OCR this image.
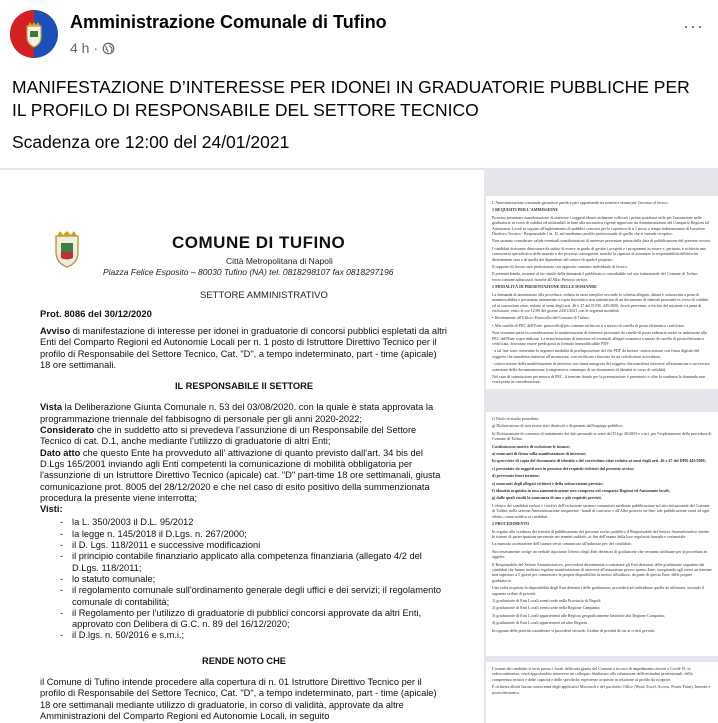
Amministrazione Comunale di Tufino
4 h ·
···
MANIFESTAZIONE D’INTERESSE PER IDONEI IN GRADUATORIE PUBBLICHE PER IL PROFILO DI RESPONSABILE DEL SETTORE TECNICO
Scadenza ore 12:00 del 24/01/2021
COMUNE DI TUFINO
Città Metropolitana di Napoli
Piazza Felice Esposito – 80030 Tufino (NA) tel. 0818298107 fax 0818297196
SETTORE AMMINISTRATIVO
Prot. 8086 del 30/12/2020

Avviso di manifestazione di interesse per idonei in graduatorie di concorsi pubblici espletati da altri Enti del Comparto Regioni ed Autonomie Locali per n. 1 posto di Istruttore Direttivo Tecnico per il profilo di Responsabile del Settore Tecnico, Cat. "D", a tempo indeterminato, part - time (apicale) 18 ore settimanali.

IL RESPONSABILE II SETTORE

Vista la Deliberazione Giunta Comunale n. 53 del 03/08/2020. con la quale è stata approvata la programmazione triennale del fabbisogno di personale per gli anni 2020-2022;

Considerato che in suddetto atto si prevedeva l’assunzione di un Responsabile del Settore Tecnico di cat. D.1, anche mediante l’utilizzo di graduatorie di altri Enti;

Dato atto che questo Ente ha provveduto all' attivazione di quanto previsto dall'art. 34 bis del D.Lgs 165/2001 inviando agli Enti competenti la comunicazione di mobilità obbligatoria per l'assunzione di un Istruttore Direttivo Tecnico (apicale) cat. "D" part-time 18 ore settimanali, giusta comunicazione prot. 8005 del 28/12/2020 e che nel caso di esito positivo della summenzionata procedura la presente viene interrotta;

Visti:

- la L. 350/2003 il D.L. 95/2012
- la legge n. 145/2018 il D.Lgs. n. 267/2000;
- il D. Lgs. 118/2011 e successive modificazioni
- il principio contabile finanziario applicato alla competenza finanziaria (allegato 4/2 del D.Lgs. 118/2011;
- lo statuto comunale;
- il regolamento comunale sull'ordinamento generale degli uffici e dei servizi; il regolamento comunale di contabilità;
- il Regolamento per l'utilizzo di graduatorie di pubblici concorsi approvate da altri Enti, approvato con Delibera di G.C. n. 89 del 16/12/2020;
- il D.lgs. n. 50/2016 e s.m.i.;

RENDE NOTO CHE

il Comune di Tufino intende procedere alla copertura di n. 01 Istruttore Direttivo Tecnico per il profilo di Responsabile del Settore Tecnico, Cat. "D", a tempo indeterminato, part - time (apicale) 18 ore settimanali mediante utilizzo di graduatorie, in corso di validità, approvate da altre Amministrazioni del Comparto Regioni ed Autonomie Locali, in seguito

L'Amministrazione comunale garantisce parità e pari opportunità tra uomini e donne per l'accesso al lavoro.

1 REQUISITI PER L'AMMISSIONE

Possono presentare manifestazione di interesse i soggetti idonei utilmente collocati i prima posizione utile per l'assunzione nelle graduatorie in corso di validità ed utilizzabili in base alla normativa vigente approvate da Amministrazioni del Comparto Regioni ed Autonomie Locali in seguito all'espletamento di pubblici concorsi per la copertura di n.1 posto a tempo indeterminato di Istruttore Direttivo Tecnico - Responsabile Cat. D, nel medesimo profilo professionale di quello che si intende ricoprire.

Non saranno considerate valide eventuali manifestazioni di interesse presentate prima della data di pubblicazione del presente avviso.

I candidati dovranno dimostrare da subito di essere in grado di gestire i progetti e i programmi in essere e, pertanto, è richiesta una conoscenza specialistica delle materie e dei processi conseguenti, nonché la capacità di assumere la responsabilità dell'attività direttamente resa e di quella dei dipendenti del settore di quale è preposto.

Il rapporto di lavoro sarà perfezionato con apposito contratto individuale di lavoro.

Il presente bando, insieme al fac-simile della domanda è pubblicato e consultabile sul sito istituzionale del Comune di Tufino: www.comune.tufino.na.it nonché all'Albo Pretorio on-line.

1 MODALITÀ DI PRESENTAZIONE DELLE DOMANDE

La domanda di ammissione alla procedura, redatta in carta semplice secondo lo schema allegato, datata e sottoscritta a pena di inammissibilità e presentata unitamente a copia fotostatica non autenticata di un documento di identità personale in corso di validità ed al curriculum vitae, redatto ai sensi degli artt. 46 e 47 del D.P.R. 445/2000, dovrà pervenire, a rischio del mittente e a pena di esclusione, entro le ore 12:00 del giorno 24/01/2021 con le seguenti modalità:

• Direttamente all'Ufficio Protocollo del Comune di Tufino;

• Alla casella di PEC dell'Ente: protocollo@pec.comune.tufino.na.it a mezzo di casella di posta elettronica certificata.

Non verranno prese in considerazione le manifestazioni di interesse pervenute da caselle di posta ordinaria anche se indirizzate alla PEC dell'Ente sopra indicata. La manifestazione di interesse ed eventuali allegati trasmessi a mezzo di casella di posta elettronica certificata, dovranno essere predisposti in formato immodificabile PDF:

- a tal fine sono consentite le seguenti modalità di predisposizione del file PDF da inviare: sottoscrizione con firma digitale del soggetto che manifesta interesse all'assunzione, con certificato rilasciato da un certificatore accreditato;

- sottoscrizione della manifestazione di interesse con firma autografa del soggetto che manifesta interesse all'assunzione e successiva scansione della documentazione (comprensiva comunque di un documento di identità in corso di validità).

Nel caso di trasmissione per mezzo di PEC, il termine fissato per la presentazione è perentorio e oltre la scadenza la domanda non verrà presa in considerazione.

f) Titolo di studio posseduto;

g) Dichiarazione di non essere stati destituiti o dispensati dall'impiego pubblico;

h) Dichiarazione di consenso al trattamento dei dati personali ai sensi del D.Lgs 30/2003 e s.m.i. per l'espletamento della procedura di Comune di Tufino.

Costituiscono motivo di esclusione le istanze:

a) mancanti di firma sulla manifestazione di interesse;

b) sprovviste di copia del documento di identità e del curriculum vitae redatto ai sensi degli artt. 46 e 47 del DPR 445/2000;

c) presentate da soggetti non in possesso dei requisiti richiesti dal presente avviso;

d) pervenute fuori termine;

e) mancanti degli allegati richiesti e della sottoscrizioni previste;

f) idoneità acquisita in una amministrazione non compresa nel comparto Regioni ed Autonomie locali;

g) dalle quali risulti la mancanza di uno o più requisiti previsti.

L'elenco dei candidati esclusi e i motivi dell'esclusione saranno comunicati mediante pubblicazione sul sito istituzionale del Comune di Tufino, nella sezione Amministrazione trasparente - bandi di concorso e all'Albo pretorio on-line; tale pubblicazione varrà ad ogni effetto, come notifica ai candidati.

2 PROCEDIMENTO

In seguito alla scadenza dei termini di pubblicazione del presente avviso pubblico il Responsabile del Settore Amministrativo emette le istanze di partecipazione pervenute nei termini suddetti, ai fini dell'esame della loro regolarità formale e sostanziale.

La mancata accettazione dell'istanza verrà comunicata all'indirizzo pec del candidato.

Successivamente svolge un verbale riportante l'elenco degli Enti detentori di graduatorie che verranno utilizzate per la procedura in oggetto.

Il Responsabile del Settore Amministrativo, provvederà direttamente a contattare gli Enti detentori delle graduatorie segnalate dai candidati che hanno inoltrato regolare manifestazione di interesse all'assunzione presso questo Ente, assegnando agli stessi un termine non superiore a 5 giorni per comunicare la propria disponibilità in merito all'utilizzo, da parte di questo Ente, delle proprie graduatorie.

Una volta acquisita la disponibilità degli Enti detentori delle graduatorie, procederà ad individuare quella da utilizzare, secondo il seguente ordine di priorità:

1) graduatorie di Enti Locali aventi sede nella Provincia di Napoli;

2) graduatorie di Enti Locali aventi sede nella Regione Campania;

3) graduatorie di Enti Locali appartenenti alle Regioni geograficamente limitrofe alla Regione Campania;

4) graduatorie di Enti Locali appartenenti ad altre Regioni.

In ognuna delle priorità considerate si procederà secondo l'ordine di priorità di cui ai criteri previsti.

L'esame dei candidati si terrà presso i locali della sala giunta del Comune o in caso di impedimento dovuti a Covid-19, in videoconferenza, verrà approfondito attraverso un colloquio finalizzato alla valutazione delle attitudini professionali, della competenza tecnica e delle capacità e delle specifiche esperienze acquisite in relazione al profilo da ricoprire.

È richiesta altresì buona conoscenza degli applicativi Microsoft e del pacchetto Office (Word, Excel, Access, Power Point), Internet e posta elettronica.
